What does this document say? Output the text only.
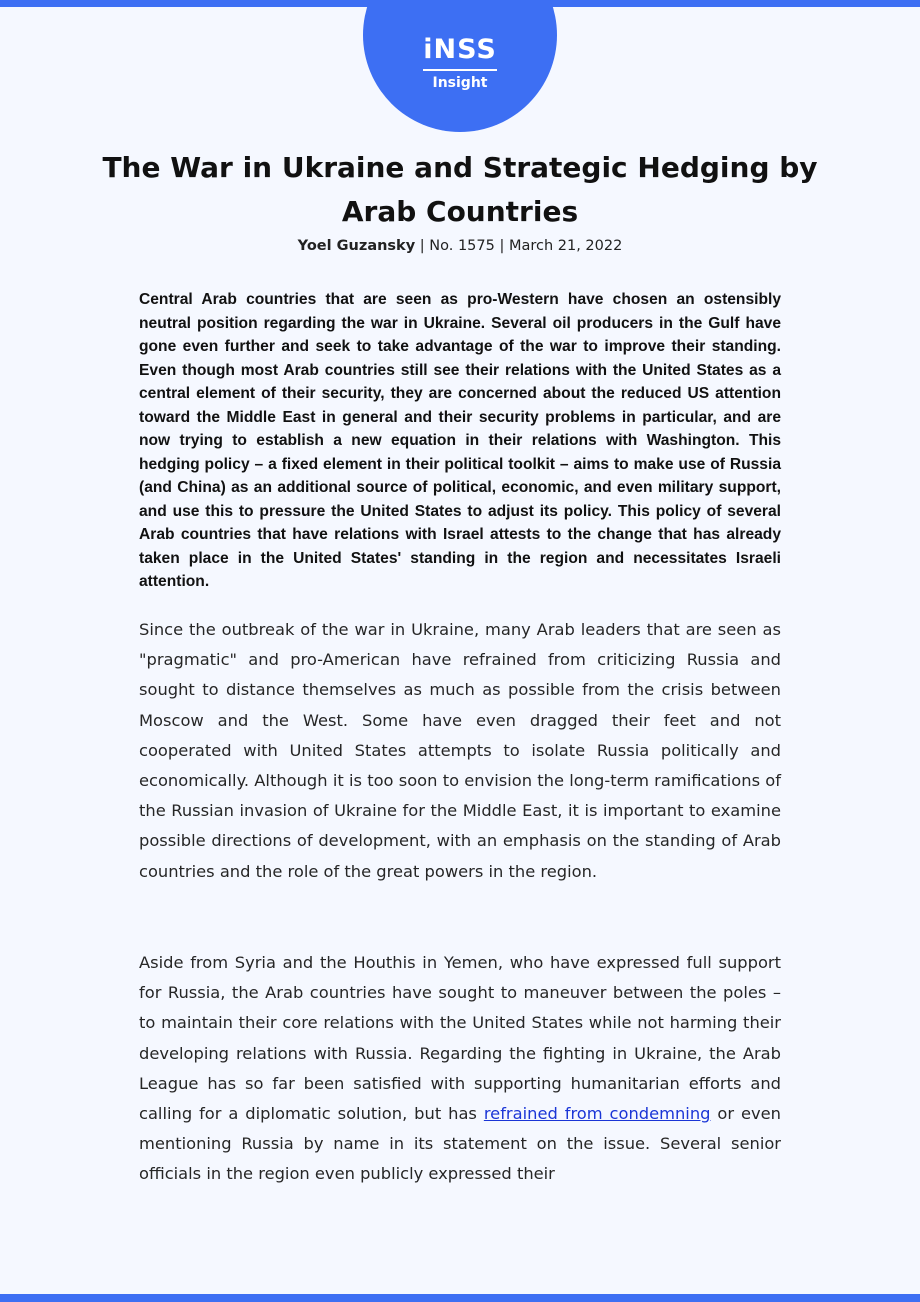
iNSS
Insight
The War in Ukraine and Strategic Hedging by Arab Countries
Yoel Guzansky | No. 1575 | March 21, 2022

Central Arab countries that are seen as pro-Western have chosen an ostensibly neutral position regarding the war in Ukraine. Several oil producers in the Gulf have gone even further and seek to take advantage of the war to improve their standing. Even though most Arab countries still see their relations with the United States as a central element of their security, they are concerned about the reduced US attention toward the Middle East in general and their security problems in particular, and are now trying to establish a new equation in their relations with Washington. This hedging policy – a fixed element in their political toolkit – aims to make use of Russia (and China) as an additional source of political, economic, and even military support, and use this to pressure the United States to adjust its policy. This policy of several Arab countries that have relations with Israel attests to the change that has already taken place in the United States' standing in the region and necessitates Israeli attention.

Since the outbreak of the war in Ukraine, many Arab leaders that are seen as "pragmatic" and pro-American have refrained from criticizing Russia and sought to distance themselves as much as possible from the crisis between Moscow and the West. Some have even dragged their feet and not cooperated with United States attempts to isolate Russia politically and economically. Although it is too soon to envision the long-term ramifications of the Russian invasion of Ukraine for the Middle East, it is important to examine possible directions of development, with an emphasis on the standing of Arab countries and the role of the great powers in the region.

Aside from Syria and the Houthis in Yemen, who have expressed full support for Russia, the Arab countries have sought to maneuver between the poles – to maintain their core relations with the United States while not harming their developing relations with Russia. Regarding the fighting in Ukraine, the Arab League has so far been satisfied with supporting humanitarian efforts and calling for a diplomatic solution, but has refrained from condemning or even mentioning Russia by name in its statement on the issue. Several senior officials in the region even publicly expressed their
